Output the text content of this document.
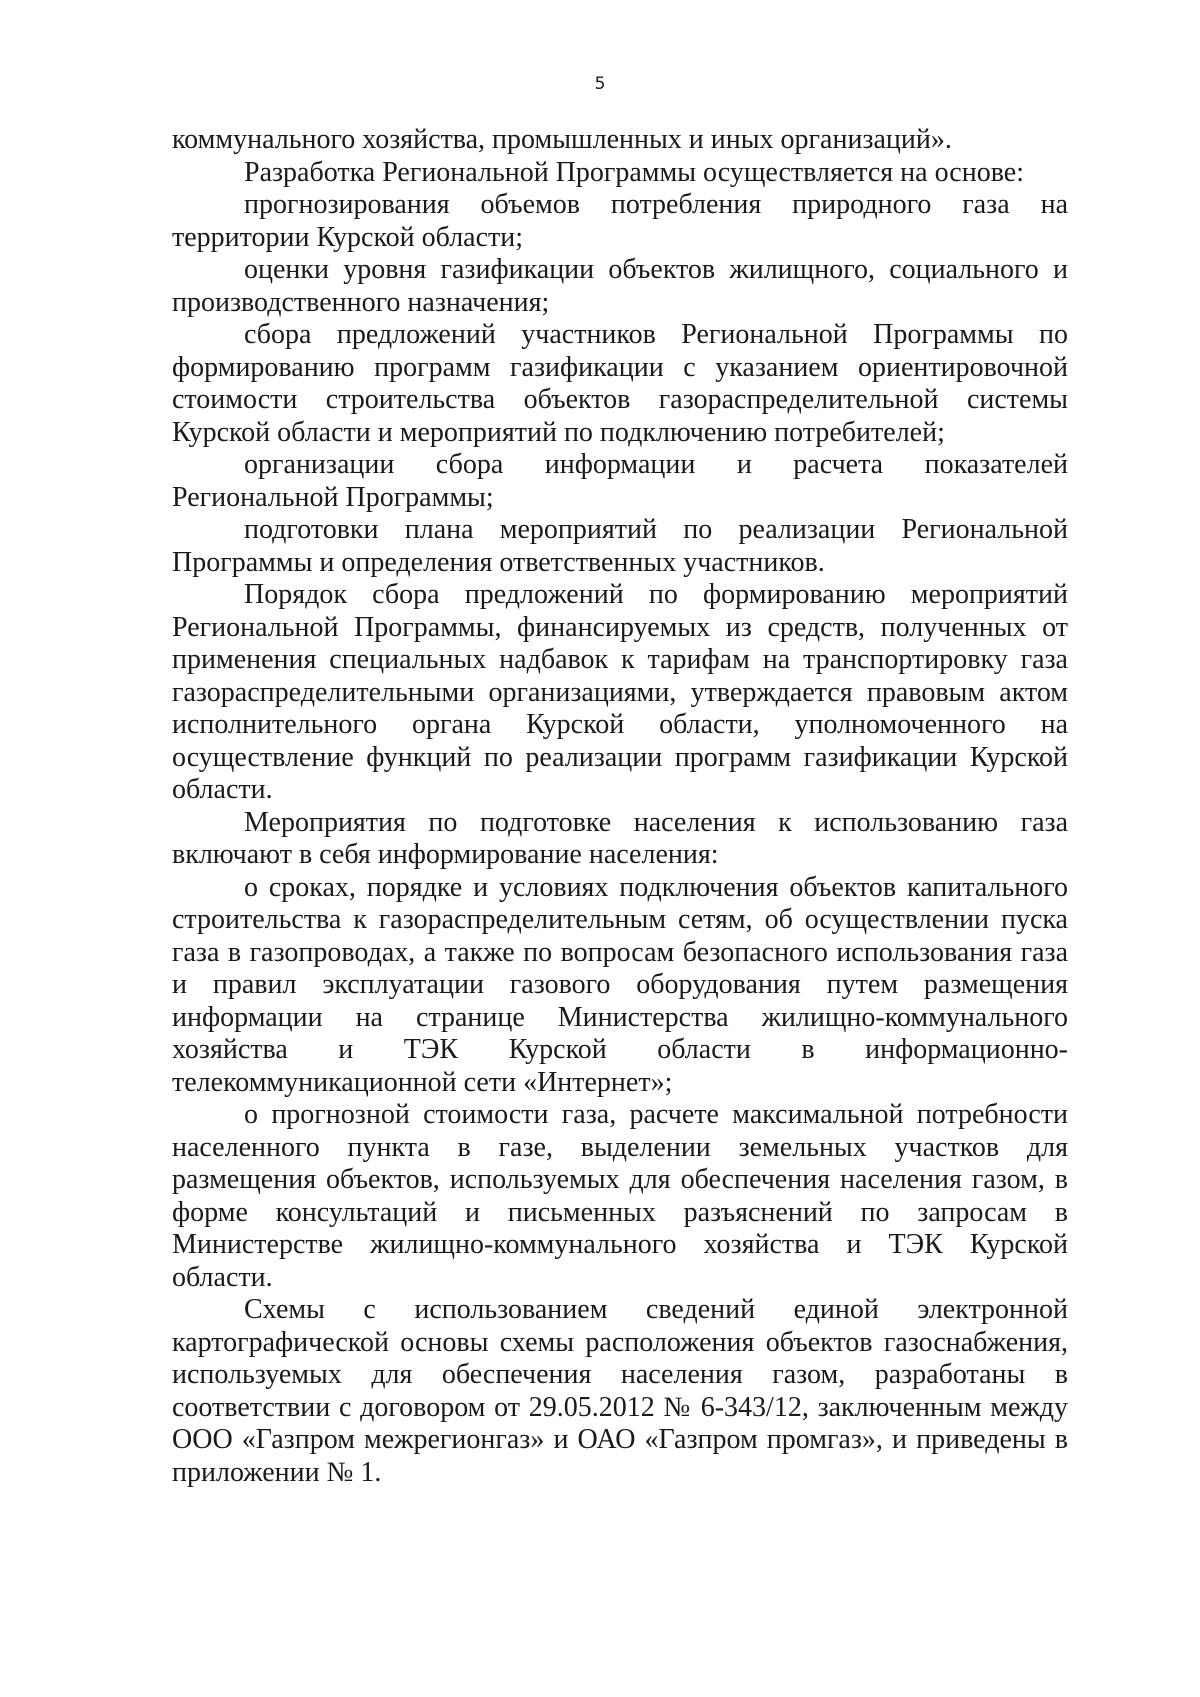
5

коммунального хозяйства, промышленных и иных организаций».

Разработка Региональной Программы осуществляется на основе:

прогнозирования объемов потребления природного газа на территории Курской области;

оценки уровня газификации объектов жилищного, социального и производственного назначения;

сбора предложений участников Региональной Программы по формированию программ газификации с указанием ориентировочной стоимости строительства объектов газораспределительной системы Курской области и мероприятий по подключению потребителей;

организации сбора информации и расчета показателей Региональной Программы;

подготовки плана мероприятий по реализации Региональной Программы и определения ответственных участников.

Порядок сбора предложений по формированию мероприятий Региональной Программы, финансируемых из средств, полученных от применения специальных надбавок к тарифам на транспортировку газа газораспределительными организациями, утверждается правовым актом исполнительного органа Курской области, уполномоченного на осуществление функций по реализации программ газификации Курской области.

Мероприятия по подготовке населения к использованию газа включают в себя информирование населения:

о сроках, порядке и условиях подключения объектов капитального строительства к газораспределительным сетям, об осуществлении пуска газа в газопроводах, а также по вопросам безопасного использования газа и правил эксплуатации газового оборудования путем размещения информации на странице Министерства жилищно-коммунального хозяйства и ТЭК Курской области в информационно-телекоммуникационной сети «Интернет»;

о прогнозной стоимости газа, расчете максимальной потребности населенного пункта в газе, выделении земельных участков для размещения объектов, используемых для обеспечения населения газом, в форме консультаций и письменных разъяснений по запросам в Министерстве жилищно-коммунального хозяйства и ТЭК Курской области.

Схемы с использованием сведений единой электронной картографической основы схемы расположения объектов газоснабжения, используемых для обеспечения населения газом, разработаны в соответствии с договором от 29.05.2012 № 6-343/12, заключенным между ООО «Газпром межрегионгаз» и ОАО «Газпром промгаз», и приведены в приложении № 1.
